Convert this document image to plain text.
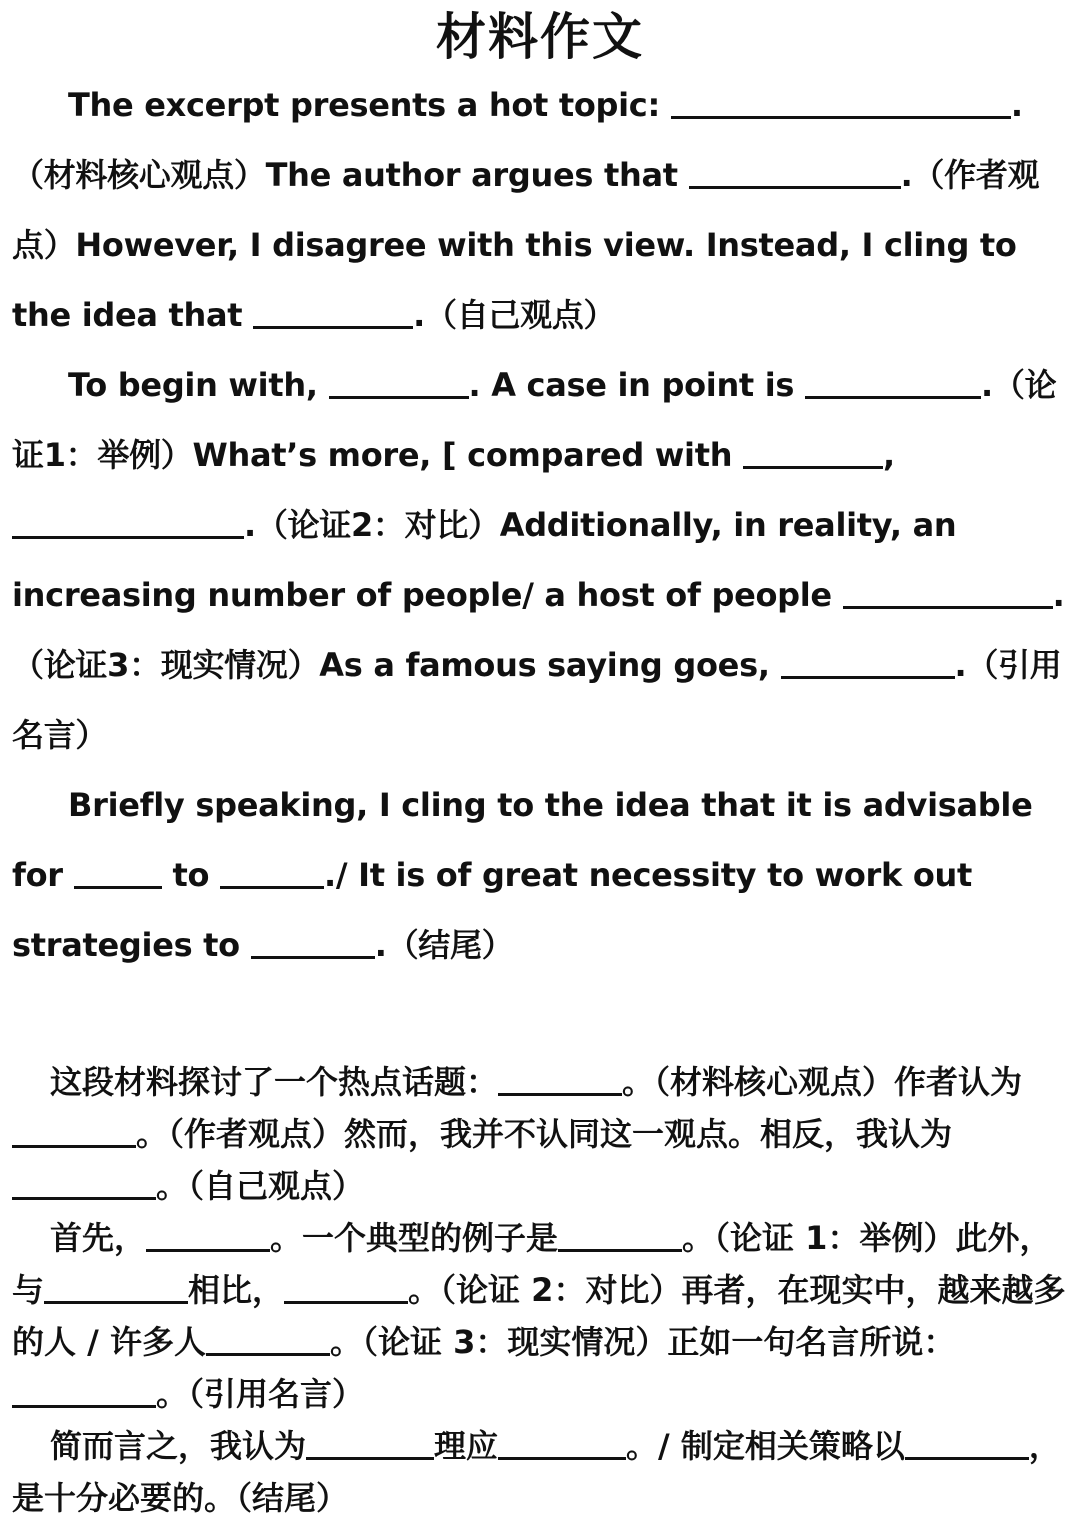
材料作文

The excerpt presents a hot topic:	.（材料核心观点）The author argues that	.（作者观点）However, I disagree with this view. Instead, I cling to the idea that	.（自己观点）

To begin with,	. A case in point is	.（论证1：举例）What’s more, [ compared with	,
.（论证2：对比）Additionally, in reality, an increasing number of people/ a host of people	.（论证3：现实情况）As a famous saying goes,	.（引用名言）

Briefly speaking, I cling to the idea that it is advisable for	to	./ It is of great necessity to work out strategies to	.（结尾）

这段材料探讨了一个热点话题：	。（材料核心观点）作者认为。（作者观点）然而，我并不认同这一观点。相反，我认为。（自己观点）

首先，	。一个典型的例子是	。（论证 1：举例）此外，与	相比，	。（论证 2：对比）再者，在现实中，越来越多的人 / 许多人	。（论证 3：现实情况）正如一句名言所说：。（引用名言）

简而言之，我认为	理应	。/ 制定相关策略以	，是十分必要的。（结尾）
